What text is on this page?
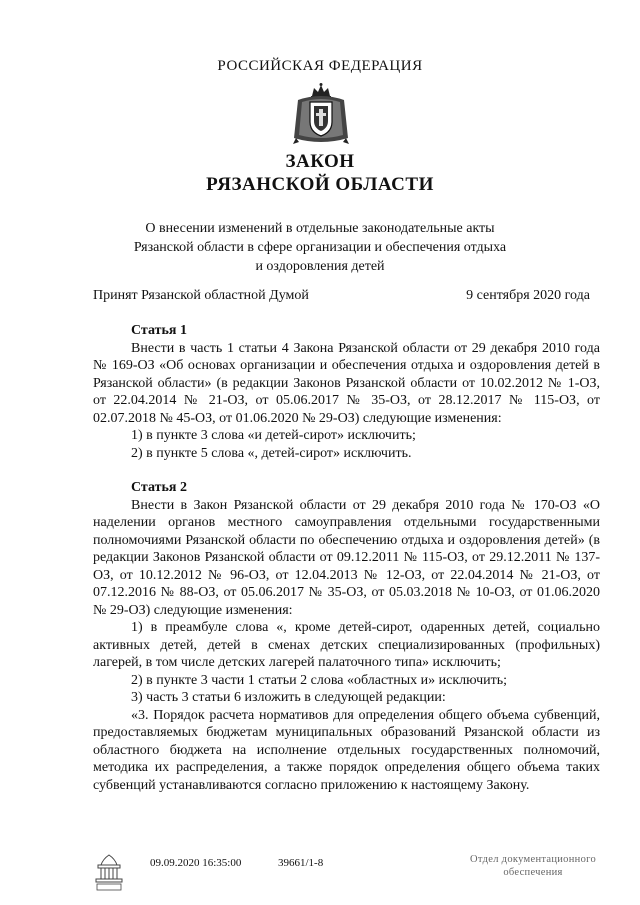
РОССИЙСКАЯ ФЕДЕРАЦИЯ
ЗАКОН
РЯЗАНСКОЙ ОБЛАСТИ
О внесении изменений в отдельные законодательные акты
Рязанской области в сфере организации и обеспечения отдыха
и оздоровления детей
Принят Рязанской областной Думой	9 сентября 2020 года
Статья 1

Внести в часть 1 статьи 4 Закона Рязанской области от 29 декабря 2010 года № 169-ОЗ «Об основах организации и обеспечения отдыха и оздоровления детей в Рязанской области» (в редакции Законов Рязанской области от 10.02.2012 № 1-ОЗ, от 22.04.2014 № 21-ОЗ, от 05.06.2017 № 35-ОЗ, от 28.12.2017 № 115-ОЗ, от 02.07.2018 № 45-ОЗ, от 01.06.2020 № 29-ОЗ) следующие изменения:

1) в пункте 3 слова «и детей-сирот» исключить;

2) в пункте 5 слова «, детей-сирот» исключить.

Статья 2

Внести в Закон Рязанской области от 29 декабря 2010 года № 170-ОЗ «О наделении органов местного самоуправления отдельными государственными полномочиями Рязанской области по обеспечению отдыха и оздоровления детей» (в редакции Законов Рязанской области от 09.12.2011 № 115-ОЗ, от 29.12.2011 № 137-ОЗ, от 10.12.2012 № 96-ОЗ, от 12.04.2013 № 12-ОЗ, от 22.04.2014 № 21-ОЗ, от 07.12.2016 № 88-ОЗ, от 05.06.2017 № 35-ОЗ, от 05.03.2018 № 10-ОЗ, от 01.06.2020 № 29-ОЗ) следующие изменения:

1) в преамбуле слова «, кроме детей-сирот, одаренных детей, социально активных детей, детей в сменах детских специализированных (профильных) лагерей, в том числе детских лагерей палаточного типа» исключить;

2) в пункте 3 части 1 статьи 2 слова «областных и» исключить;

3) часть 3 статьи 6 изложить в следующей редакции:

«3. Порядок расчета нормативов для определения общего объема субвенций, предоставляемых бюджетам муниципальных образований Рязанской области из областного бюджета на исполнение отдельных государственных полномочий, методика их распределения, а также порядок определения общего объема таких субвенций устанавливаются согласно приложению к настоящему Закону.

09.09.2020 16:35:00	39661/1-8	Отдел документационного
обеспечения
